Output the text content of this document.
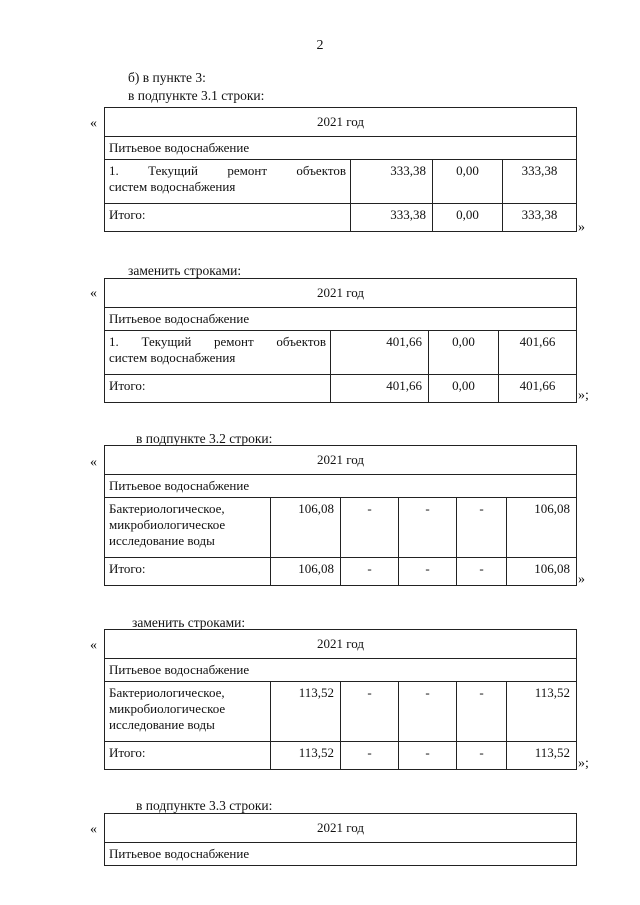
2
б) в пункте 3:
в подпункте 3.1 строки:
«	2021 год			
Питьевое водоснабжение			

1. Текущий ремонт объектов
систем водоснабжения	333,38	0,00	333,38
Итого:	333,38	0,00	333,38
»
заменить строками:
«	2021 год			
Питьевое водоснабжение			

1. Текущий ремонт объектов
систем водоснабжения	401,66	0,00	401,66
Итого:	401,66	0,00	401,66
»;
в подпункте 3.2 строки:
«	2021 год					
Питьевое водоснабжение					
Бактериологическое, микробиологическое исследование воды	106,08	-	-	-	106,08
Итого:	106,08	-	-	-	106,08
»
заменить строками:
«	2021 год					
Питьевое водоснабжение					
Бактериологическое, микробиологическое исследование воды	113,52	-	-	-	113,52
Итого:	113,52	-	-	-	113,52
»;
в подпункте 3.3 строки:
«	2021 год
Питьевое водоснабжение
